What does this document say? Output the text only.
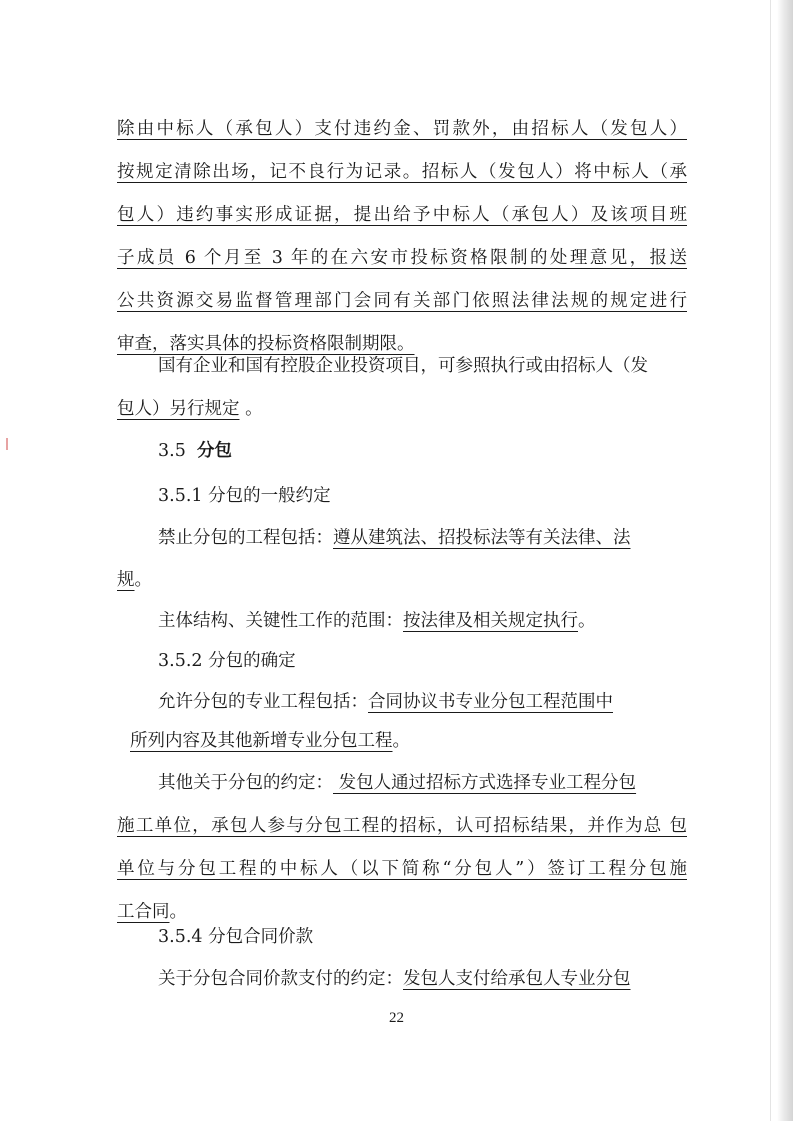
除由中标人（承包人）支付违约金、罚款外，由招标人（发包人）
按规定清除出场，记不良行为记录。招标人（发包人）将中标人（承
包人）违约事实形成证据，提出给予中标人（承包人）及该项目班
子成员 6 个月至 3 年的在六安市投标资格限制的处理意见，报送
公共资源交易监督管理部门会同有关部门依照法律法规的规定进行
审查，落实具体的投标资格限制期限。
国有企业和国有控股企业投资项目，可参照执行或由招标人（发
包人）另行规定 。
3.5 分包
3.5.1 分包的一般约定
禁止分包的工程包括：遵从建筑法、招投标法等有关法律、法
规。
主体结构、关键性工作的范围：按法律及相关规定执行。
3.5.2 分包的确定
允许分包的专业工程包括：合同协议书专业分包工程范围中
所列内容及其他新增专业分包工程。
其他关于分包的约定： 发包人通过招标方式选择专业工程分包
施工单位，承包人参与分包工程的招标，认可招标结果，并作为总 包
单位与分包工程的中标人（以下简称“分包人”）签订工程分包施
工合同。
3.5.4 分包合同价款
关于分包合同价款支付的约定：发包人支付给承包人专业分包
22
